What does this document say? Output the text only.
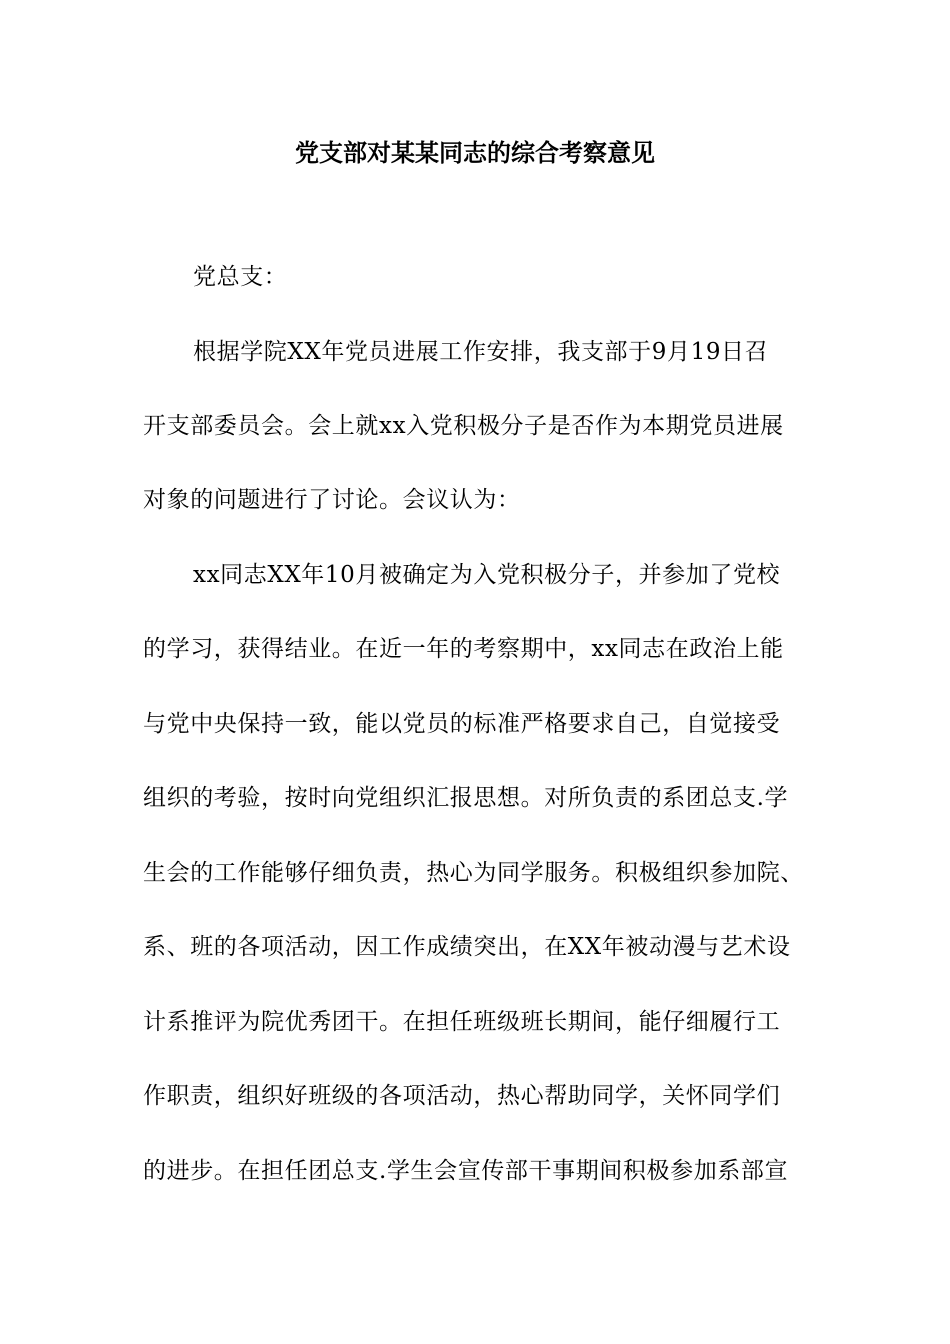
党支部对某某同志的综合考察意见
党总支：
根据学院XX年党员进展工作安排，我支部于9月19日召
开支部委员会。会上就xx入党积极分子是否作为本期党员进展
对象的问题进行了讨论。会议认为：
xx同志XX年10月被确定为入党积极分子，并参加了党校
的学习，获得结业。在近一年的考察期中，xx同志在政治上能
与党中央保持一致，能以党员的标准严格要求自己，自觉接受
组织的考验，按时向党组织汇报思想。对所负责的系团总支.学
生会的工作能够仔细负责，热心为同学服务。积极组织参加院、
系、班的各项活动，因工作成绩突出，在XX年被动漫与艺术设
计系推评为院优秀团干。在担任班级班长期间，能仔细履行工
作职责，组织好班级的各项活动，热心帮助同学，关怀同学们
的进步。在担任团总支.学生会宣传部干事期间积极参加系部宣
